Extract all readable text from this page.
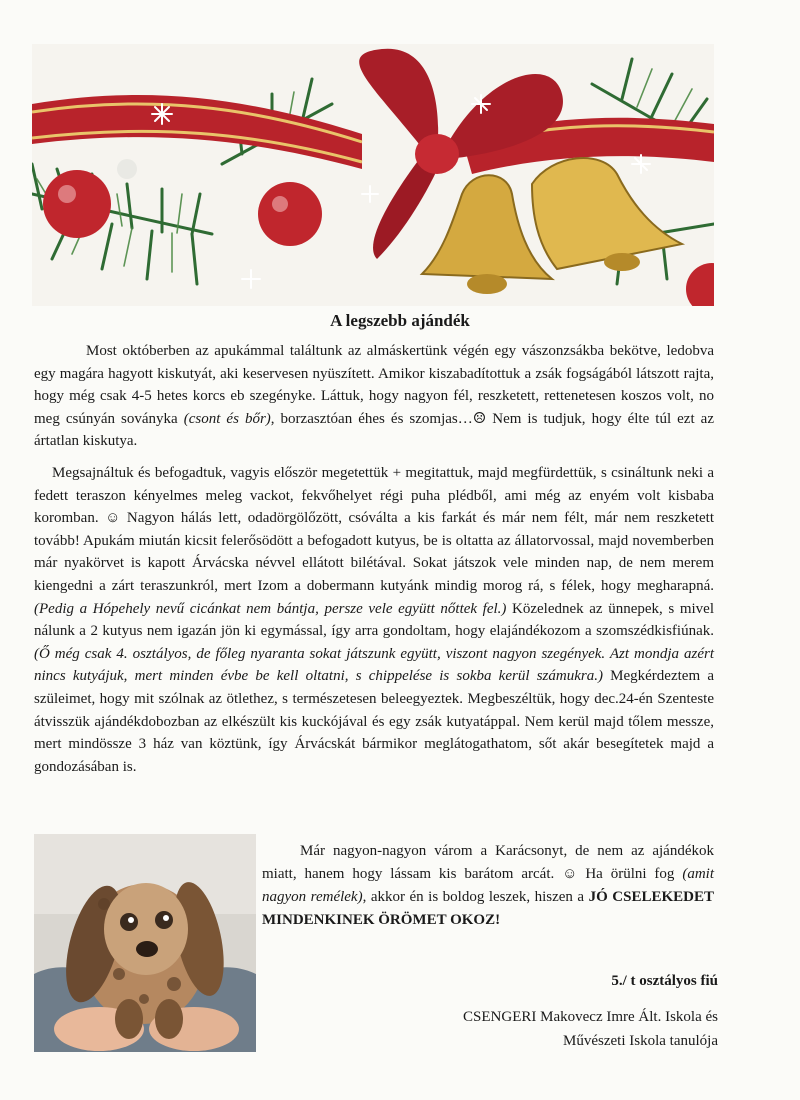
A legszebb ajándék

Most októberben az apukámmal találtunk az almáskertünk végén egy vászonzsákba bekötve, ledobva egy magára hagyott kiskutyát, aki keservesen nyüszített. Amikor kiszabadítottuk a zsák fogságából látszott rajta, hogy még csak 4-5 hetes korcs eb szegényke. Láttuk, hogy nagyon fél, reszketett, rettenetesen koszos volt, no meg csúnyán soványka (csont és bőr), borzasztóan éhes és szomjas…☹ Nem is tudjuk, hogy élte túl ezt az ártatlan kiskutya.

Megsajnáltuk és befogadtuk, vagyis először megetettük + megitattuk, majd megfürdettük, s csináltunk neki a fedett teraszon kényelmes meleg vackot, fekvőhelyet régi puha plédből, ami még az enyém volt kisbaba koromban. ☺ Nagyon hálás lett, odadörgölőzött, csóválta a kis farkát és már nem félt, már nem reszketett tovább! Apukám miután kicsit felerősödött a befogadott kutyus, be is oltatta az állatorvossal, majd novemberben már nyakörvet is kapott Árvácska névvel ellátott bilétával. Sokat játszok vele minden nap, de nem merem kiengedni a zárt teraszunkról, mert Izom a dobermann kutyánk mindig morog rá, s félek, hogy megharapná. (Pedig a Hópehely nevű cicánkat nem bántja, persze vele együtt nőttek fel.) Közelednek az ünnepek, s mivel nálunk a 2 kutyus nem igazán jön ki egymással, így arra gondoltam, hogy elajándékozom a szomszédkisfiúnak. (Ő még csak 4. osztályos, de főleg nyaranta sokat játszunk együtt, viszont nagyon szegények. Azt mondja azért nincs kutyájuk, mert minden évbe be kell oltatni, s chippelése is sokba kerül számukra.) Megkérdeztem a szüleimet, hogy mit szólnak az ötlethez, s természetesen beleegyeztek. Megbeszéltük, hogy dec.24-én Szenteste átvisszük ajándékdobozban az elkészült kis kuckójával és egy zsák kutyatáppal. Nem kerül majd tőlem messze, mert mindössze 3 ház van köztünk, így Árvácskát bármikor meglátogathatom, sőt akár besegítetek majd a gondozásában is.

Már nagyon-nagyon várom a Karácsonyt, de nem az ajándékok miatt, hanem hogy lássam kis barátom arcát. ☺ Ha örülni fog (amit nagyon remélek), akkor én is boldog leszek, hiszen a JÓ CSELEKEDET MINDENKINEK ÖRÖMET OKOZ!
5./ t osztályos fiú
CSENGERI Makovecz Imre Ált. Iskola és
Művészeti Iskola tanulója
